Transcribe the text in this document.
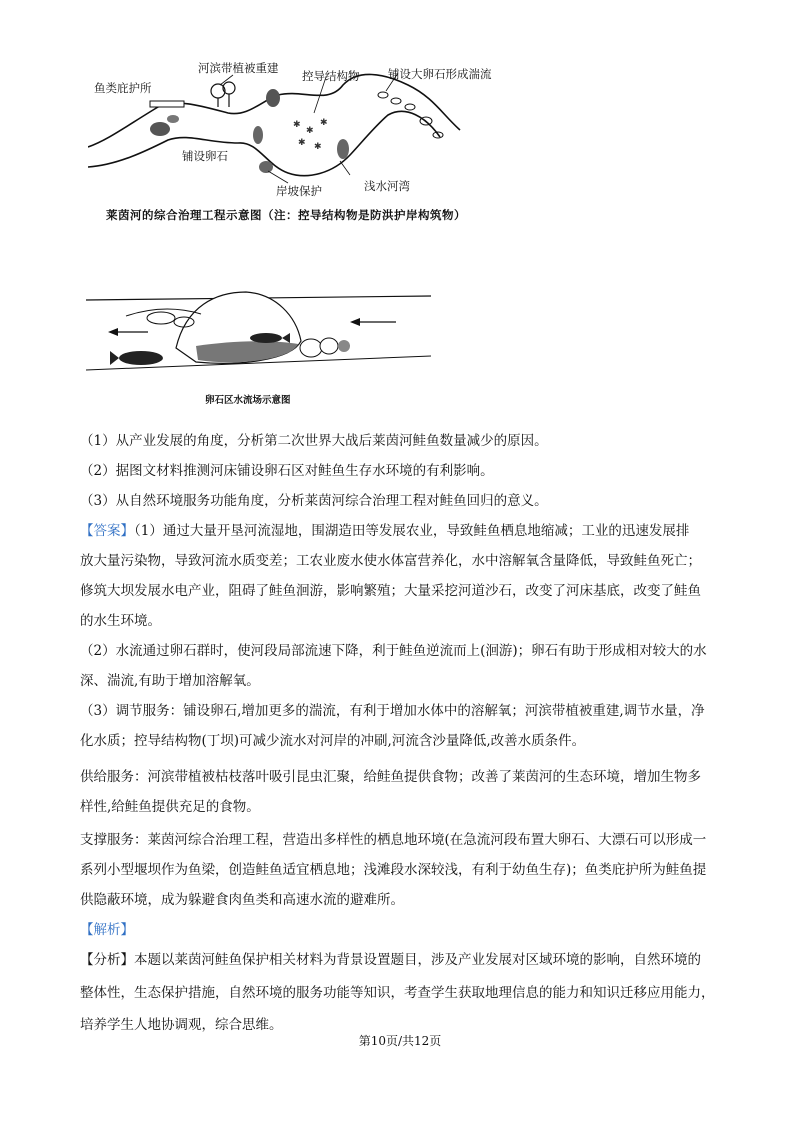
✱
✱
✱
✱ ✱
鱼类庇护所
河滨带植被重建
控导结构物 铺设大卵石形成湍流
铺设卵石
岸坡保护	浅水河湾
莱茵河的综合治理工程示意图（注：控导结构物是防洪护岸构筑物）
卵石区水流场示意图
（1）从产业发展的角度，分析第二次世界大战后莱茵河鲑鱼数量减少的原因。
（2）据图文材料推测河床铺设卵石区对鲑鱼生存水环境的有利影响。
（3）从自然环境服务功能角度，分析莱茵河综合治理工程对鲑鱼回归的意义。
【答案】（1）通过大量开垦河流湿地，围湖造田等发展农业，导致鲑鱼栖息地缩减；工业的迅速发展排
放大量污染物，导致河流水质变差；工农业废水使水体富营养化，水中溶解氧含量降低，导致鲑鱼死亡；
修筑大坝发展水电产业，阻碍了鲑鱼洄游，影响繁殖；大量采挖河道沙石，改变了河床基底，改变了鲑鱼
的水生环境。
（2）水流通过卵石群时，使河段局部流速下降，利于鲑鱼逆流而上(洄游)；卵石有助于形成相对较大的水
深、湍流,有助于增加溶解氧。
（3）调节服务：铺设卵石,增加更多的湍流，有利于增加水体中的溶解氧；河滨带植被重建,调节水量，净
化水质；控导结构物(丁坝)可减少流水对河岸的冲刷,河流含沙量降低,改善水质条件。
供给服务：河滨带植被枯枝落叶吸引昆虫汇聚，给鲑鱼提供食物；改善了莱茵河的生态环境，增加生物多
样性,给鲑鱼提供充足的食物。
支撑服务：莱茵河综合治理工程，营造出多样性的栖息地环境(在急流河段布置大卵石、大漂石可以形成一
系列小型堰坝作为鱼梁，创造鲑鱼适宜栖息地；浅滩段水深较浅，有利于幼鱼生存)；鱼类庇护所为鲑鱼提
供隐蔽环境，成为躲避食肉鱼类和高速水流的避难所。
【解析】
【分析】本题以莱茵河鲑鱼保护相关材料为背景设置题目，涉及产业发展对区域环境的影响，自然环境的
整体性，生态保护措施，自然环境的服务功能等知识，考查学生获取地理信息的能力和知识迁移应用能力，
培养学生人地协调观，综合思维。
第10页/共12页
